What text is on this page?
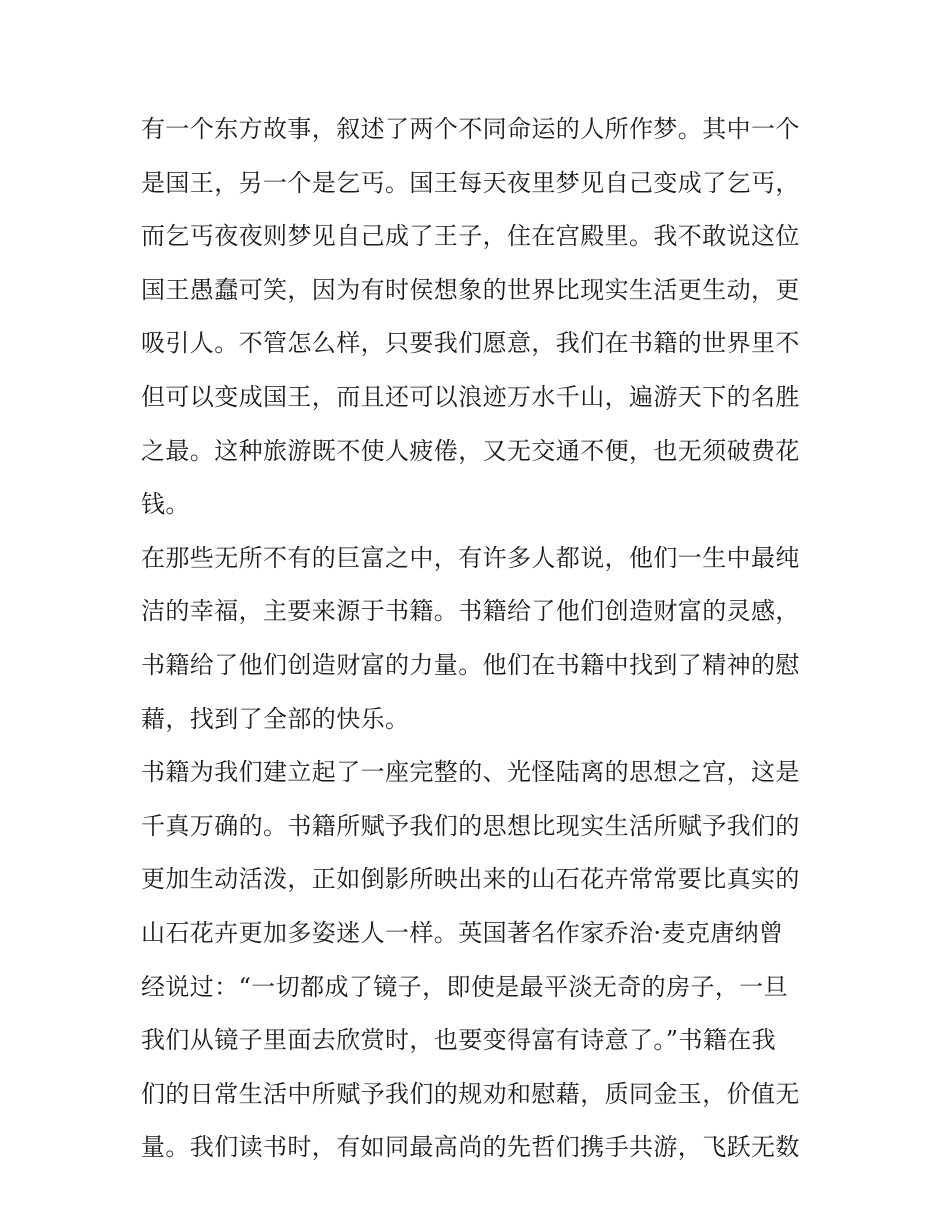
有一个东方故事，叙述了两个不同命运的人所作梦。其中一个
是国王，另一个是乞丐。国王每天夜里梦见自己变成了乞丐，
而乞丐夜夜则梦见自己成了王子，住在宫殿里。我不敢说这位
国王愚蠢可笑，因为有时侯想象的世界比现实生活更生动，更
吸引人。不管怎么样，只要我们愿意，我们在书籍的世界里不
但可以变成国王，而且还可以浪迹万水千山，遍游天下的名胜
之最。这种旅游既不使人疲倦，又无交通不便，也无须破费花
钱。
在那些无所不有的巨富之中，有许多人都说，他们一生中最纯
洁的幸福，主要来源于书籍。书籍给了他们创造财富的灵感，
书籍给了他们创造财富的力量。他们在书籍中找到了精神的慰
藉，找到了全部的快乐。
书籍为我们建立起了一座完整的、光怪陆离的思想之宫，这是
千真万确的。书籍所赋予我们的思想比现实生活所赋予我们的
更加生动活泼，正如倒影所映出来的山石花卉常常要比真实的
山石花卉更加多姿迷人一样。英国著名作家乔治·麦克唐纳曾
经说过：“一切都成了镜子，即使是最平淡无奇的房子，一旦
我们从镜子里面去欣赏时，也要变得富有诗意了。”书籍在我
们的日常生活中所赋予我们的规劝和慰藉，质同金玉，价值无
量。我们读书时，有如同最高尚的先哲们携手共游，飞跃无数
